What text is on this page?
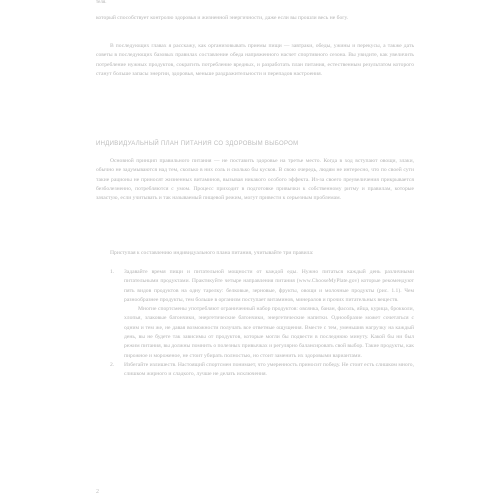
теля.

который способствует контролю здоровья и жизненной энергичности, даже если вы прошли весь не богу.

В последующих главах я расскажу, как организовывать приемы пищи — завтраки, обеды, ужины и перекусы, а также дать советы в последующих базовых правилах составление обеда напряженного насчет спортивного сезона. Вы увидите, как увеличить потребление нужных продуктов, сократить потребление вредных, и разработать план питания, естественным результатом которого станут больше запасы энергии, здоровья, меньше раздражительности и перепадов настроения.

ИНДИВИДУАЛЬНЫЙ ПЛАН ПИТАНИЯ СО ЗДОРОВЫМ ВЫБОРОМ

Основной принцип правильного питания — не поставить здоровье на третье место. Когда в ход вступают овощи, злаки, обычно не задумываются над тем, сколько в них соль и сколько бы кусков. В свою очередь, людям не интересно, что по своей сути такие рационы не приносят жизненных витаминов, вызывая никакого особого эффекта. Из-за своего преувеличения прикрывается безболезненно, потребляются с умом. Процесс приходит в подготовке привычки к собственному ритму и правилам, которые зачастую, если учитывать и так называемый пищевой режим, могут привести к серьезным проблемам.

Приступая к составлению индивидуального плана питания, учитывайте три правила:

1. Задавайте время пищи и питательной мощности от каждой еды. Нужно питаться каждый день различными питательными продуктами. Практикуйте четыре направления питания (www.ChooseMyPlate.gov) которые рекомендуют пять видов продуктов на одну тарелку: белковые, зерновые, фрукты, овощи и молочные продукты (рис. 1.1). Чем разнообразнее продукты, тем больше в организм поступает витаминов, минералов и прочих питательных веществ.

Многие спортсмены употребляют ограниченный набор продуктов: овсянка, банан, фасоль, яйца, курица, брокколи, хлопья, злаковые батончики, энергетические батончики, энергетические напитки. Однообразие может сочетаться с одним и тем же, не давая возможности получать все ответные ощущения. Вместе с тем, уменьшив нагрузку на каждый день, вы не будете так зависимы от продуктов, которые могли бы подвести в последнюю минуту. Какой бы ни был режим питания, вы должны помнить о полезных привычках и регулярно балансировать свой выбор. Такие продукты, как пирожное и мороженое, не стоит убирать полностью, но стоит заменить их здоровыми вариантами.

2. Избегайте излишеств. Настоящий спортсмен понимает, что умеренность приносит победу. Не стоит есть слишком много, слишком жирного и сладкого, лучше не делать исключения.

2
